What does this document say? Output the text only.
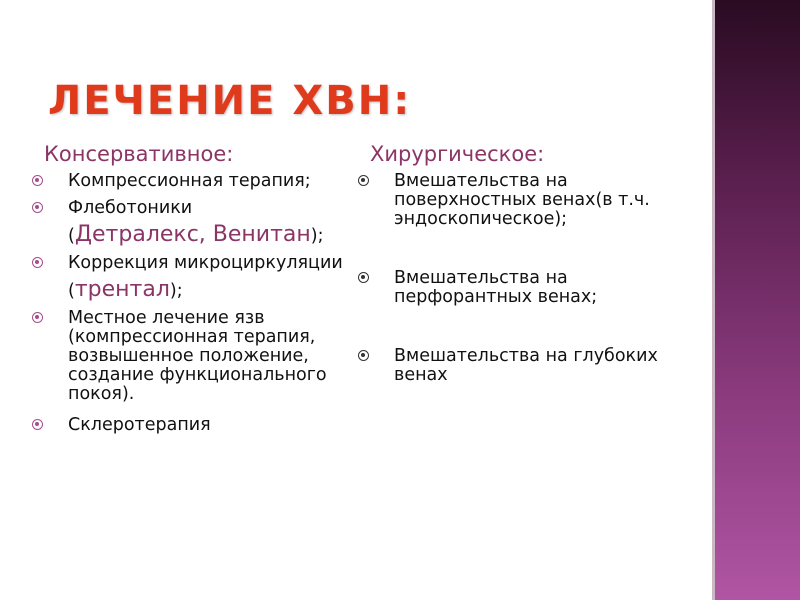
ЛЕЧЕНИЕ ХВН:
Консервативное:	Хирургическое:
Компрессионная терапия;
Флеботоники
(Детралекс, Венитан);
Коррекция микроциркуляции
(трентал);
Местное лечение язв (компрессионная терапия, возвышенное положение, создание функционального покоя).
Склеротерапия
Вмешательства на поверхностных венах(в т.ч. эндоскопическое);
Вмешательства на перфорантных венах;
Вмешательства на глубоких венах
